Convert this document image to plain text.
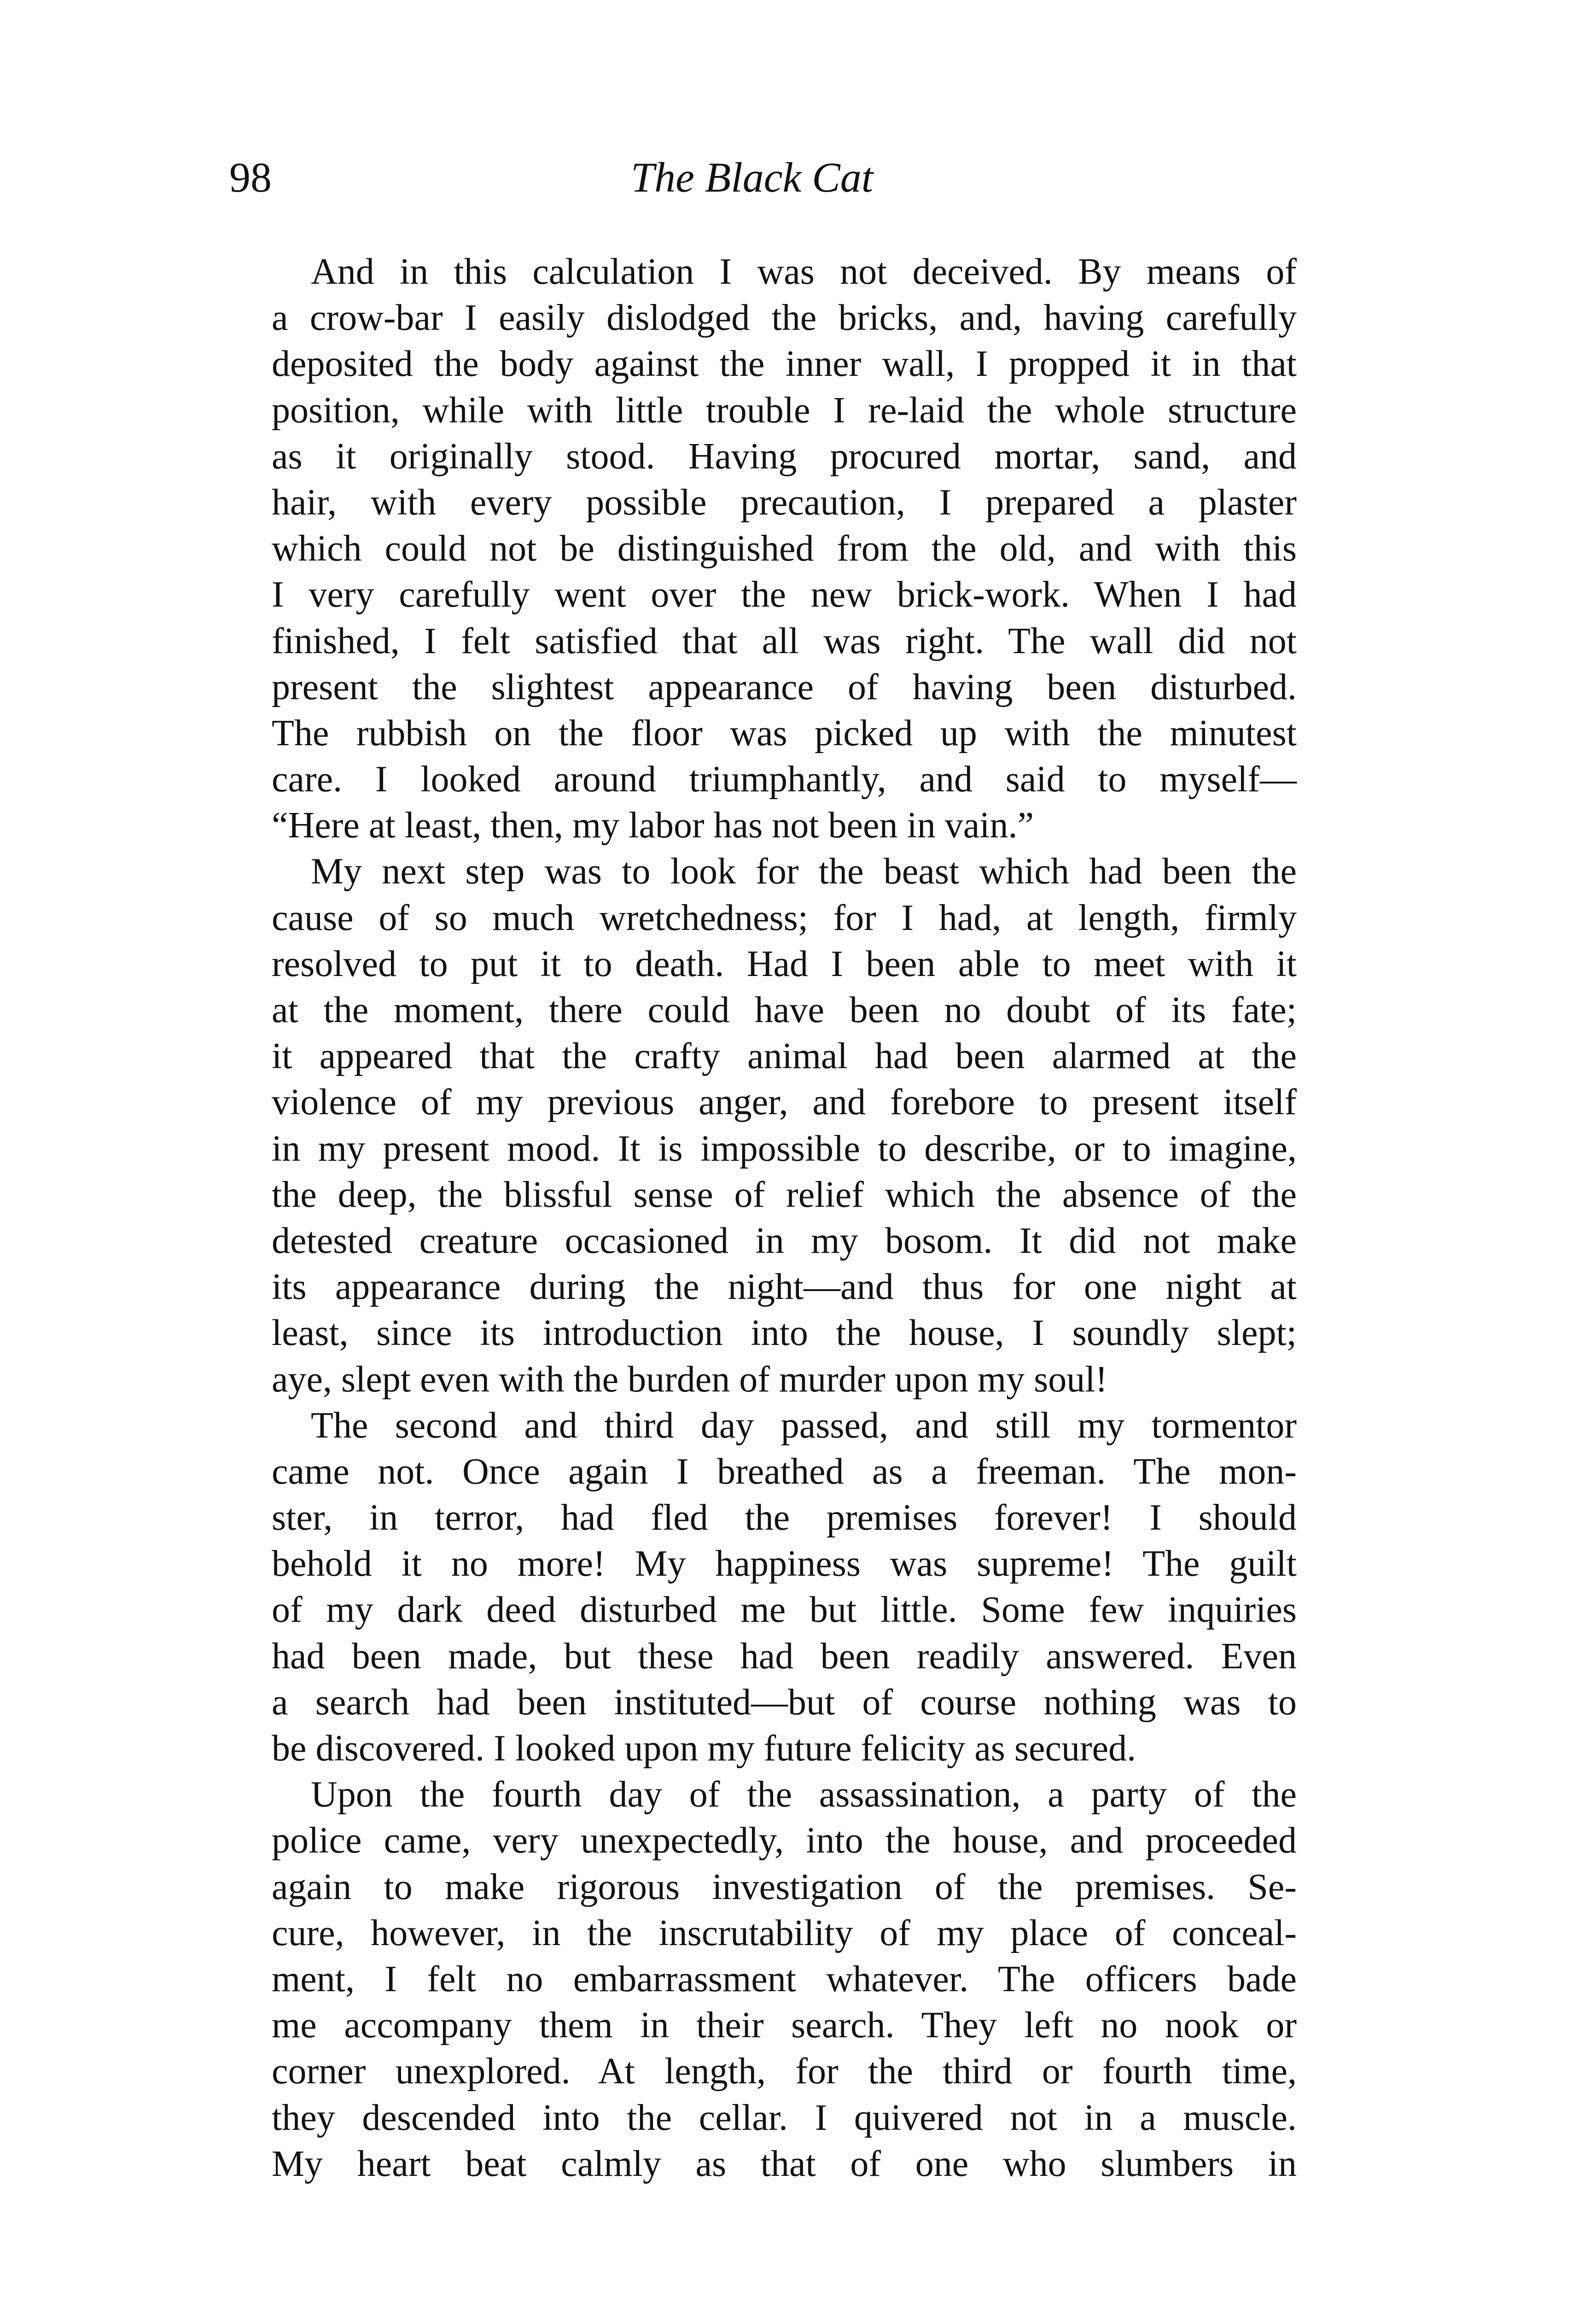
98	The Black Cat
And in this calculation I was not deceived. By means of
a crow-bar I easily dislodged the bricks, and, having carefully
deposited the body against the inner wall, I propped it in that
position, while with little trouble I re-laid the whole structure
as it originally stood. Having procured mortar, sand, and
hair, with every possible precaution, I prepared a plaster
which could not be distinguished from the old, and with this
I very carefully went over the new brick-work. When I had
finished, I felt satisfied that all was right. The wall did not
present the slightest appearance of having been disturbed.
The rubbish on the floor was picked up with the minutest
care. I looked around triumphantly, and said to myself—
“Here at least, then, my labor has not been in vain.”
My next step was to look for the beast which had been the
cause of so much wretchedness; for I had, at length, firmly
resolved to put it to death. Had I been able to meet with it
at the moment, there could have been no doubt of its fate;
it appeared that the crafty animal had been alarmed at the
violence of my previous anger, and forebore to present itself
in my present mood. It is impossible to describe, or to imagine,
the deep, the blissful sense of relief which the absence of the
detested creature occasioned in my bosom. It did not make
its appearance during the night—and thus for one night at
least, since its introduction into the house, I soundly slept;
aye, slept even with the burden of murder upon my soul!
The second and third day passed, and still my tormentor
came not. Once again I breathed as a freeman. The mon-
ster, in terror, had fled the premises forever! I should
behold it no more! My happiness was supreme! The guilt
of my dark deed disturbed me but little. Some few inquiries
had been made, but these had been readily answered. Even
a search had been instituted—but of course nothing was to
be discovered. I looked upon my future felicity as secured.
Upon the fourth day of the assassination, a party of the
police came, very unexpectedly, into the house, and proceeded
again to make rigorous investigation of the premises. Se-
cure, however, in the inscrutability of my place of conceal-
ment, I felt no embarrassment whatever. The officers bade
me accompany them in their search. They left no nook or
corner unexplored. At length, for the third or fourth time,
they descended into the cellar. I quivered not in a muscle.
My heart beat calmly as that of one who slumbers in
